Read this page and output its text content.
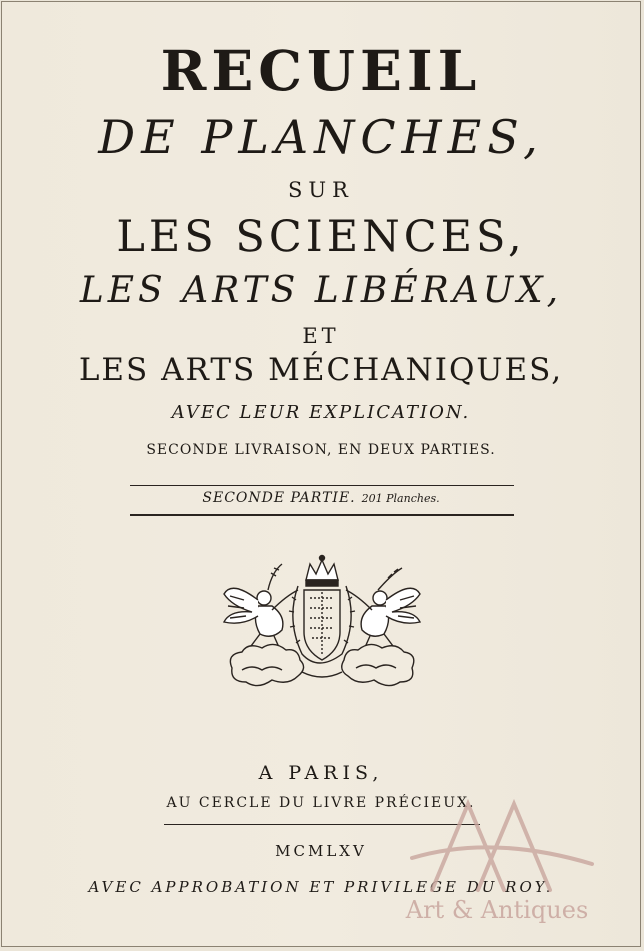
RECUEIL
DE PLANCHES,
SUR
LES SCIENCES,
LES ARTS LIBÉRAUX,
ET
LES ARTS MÉCHANIQUES,
AVEC LEUR EXPLICATION.
SECONDE LIVRAISON, EN DEUX PARTIES.
SECONDE PARTIE. 201 Planches.
A PARIS,
AU CERCLE DU LIVRE PRÉCIEUX.
MCMLXV
AVEC APPROBATION ET PRIVILEGE DU ROY.
Art & Antiques
